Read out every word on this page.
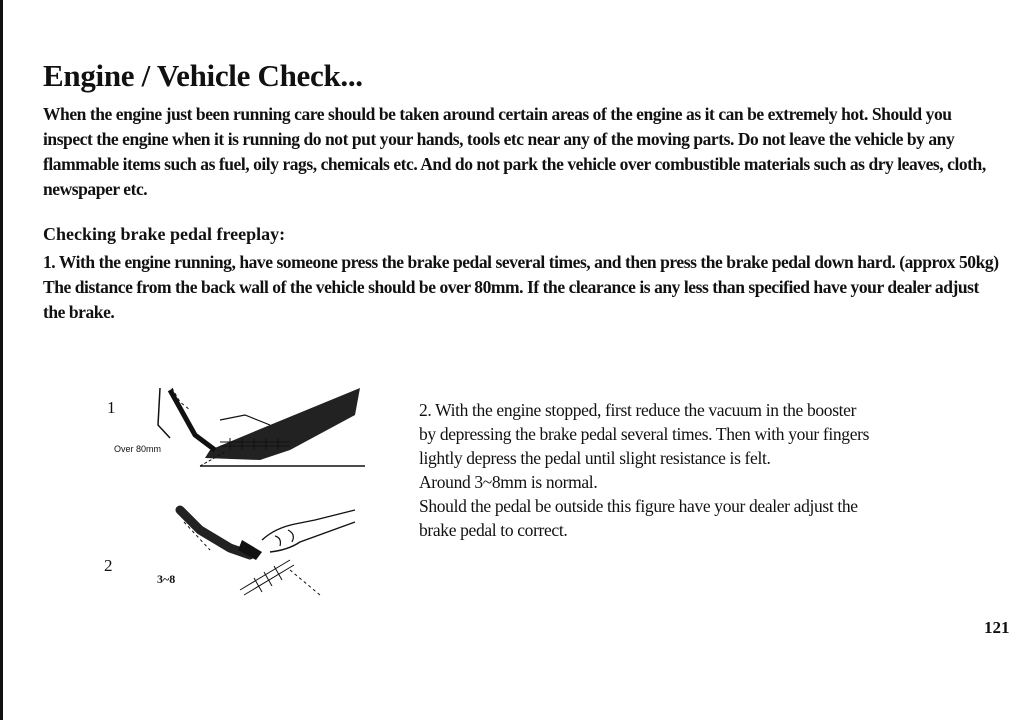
Engine / Vehicle Check...

When the engine just been running care should be taken around certain areas of the engine as it can be extremely hot. Should you inspect the engine when it is running do not put your hands, tools etc near any of the moving parts. Do not leave the vehicle by any flammable items such as fuel, oily rags, chemicals etc. And do not park the vehicle over combustible materials such as dry leaves, cloth, newspaper etc.

Checking brake pedal freeplay:

1. With the engine running, have someone press the brake pedal several times, and then press the brake pedal down hard. (approx 50kg) The distance from the back wall of the vehicle should be over 80mm. If the clearance is any less than specified have your dealer adjust the brake.

1
Over 80mm
2
3~8
2. With the engine stopped, first reduce the vacuum in the booster
by depressing the brake pedal several times. Then with your fingers
lightly depress the pedal until slight resistance is felt.
Around 3~8mm is normal.
Should the pedal be outside this figure have your dealer adjust the
brake pedal to correct.
121
